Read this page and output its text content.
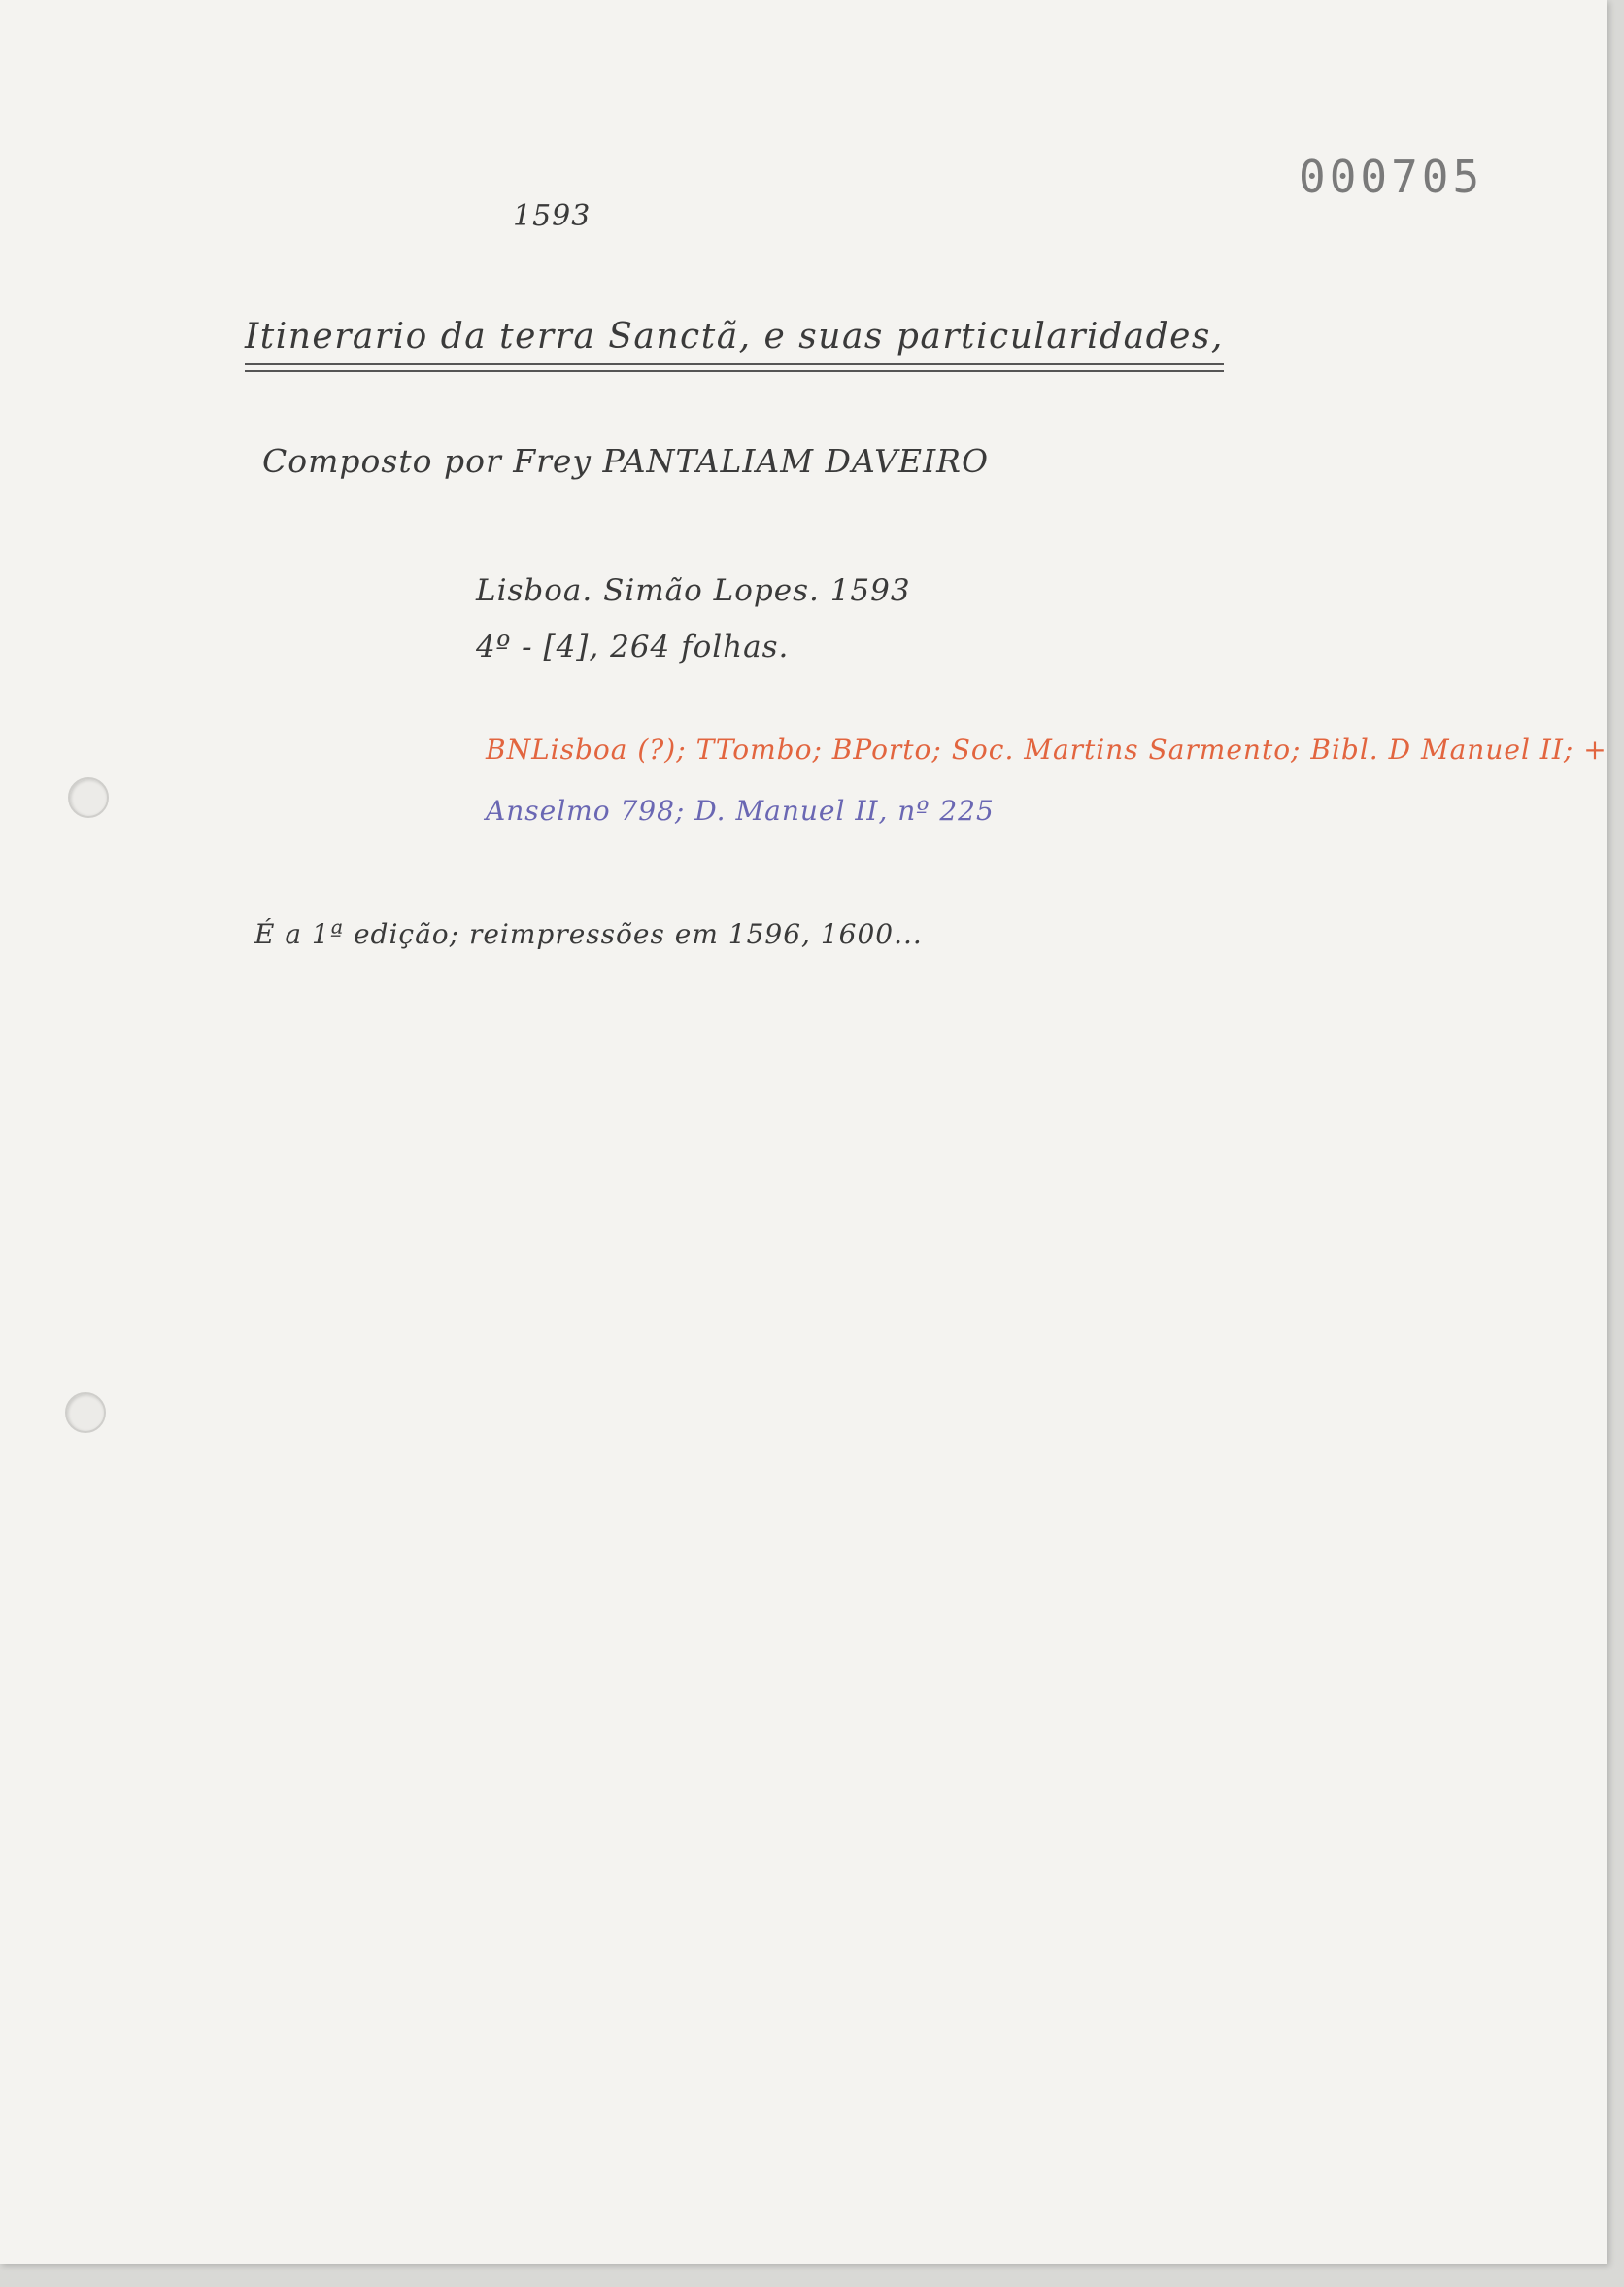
000705
1593
Itinerario da terra Sanctã, e suas particularidades,
Composto por Frey PANTALIAM DAVEIRO
Lisboa. Simão Lopes. 1593
4º - [4], 264 folhas.
BNLisboa (?); TTombo; BPorto; Soc. Martins Sarmento; Bibl. D Manuel II; +
Anselmo 798; D. Manuel II, nº 225
É a 1ª edição; reimpressões em 1596, 1600...
